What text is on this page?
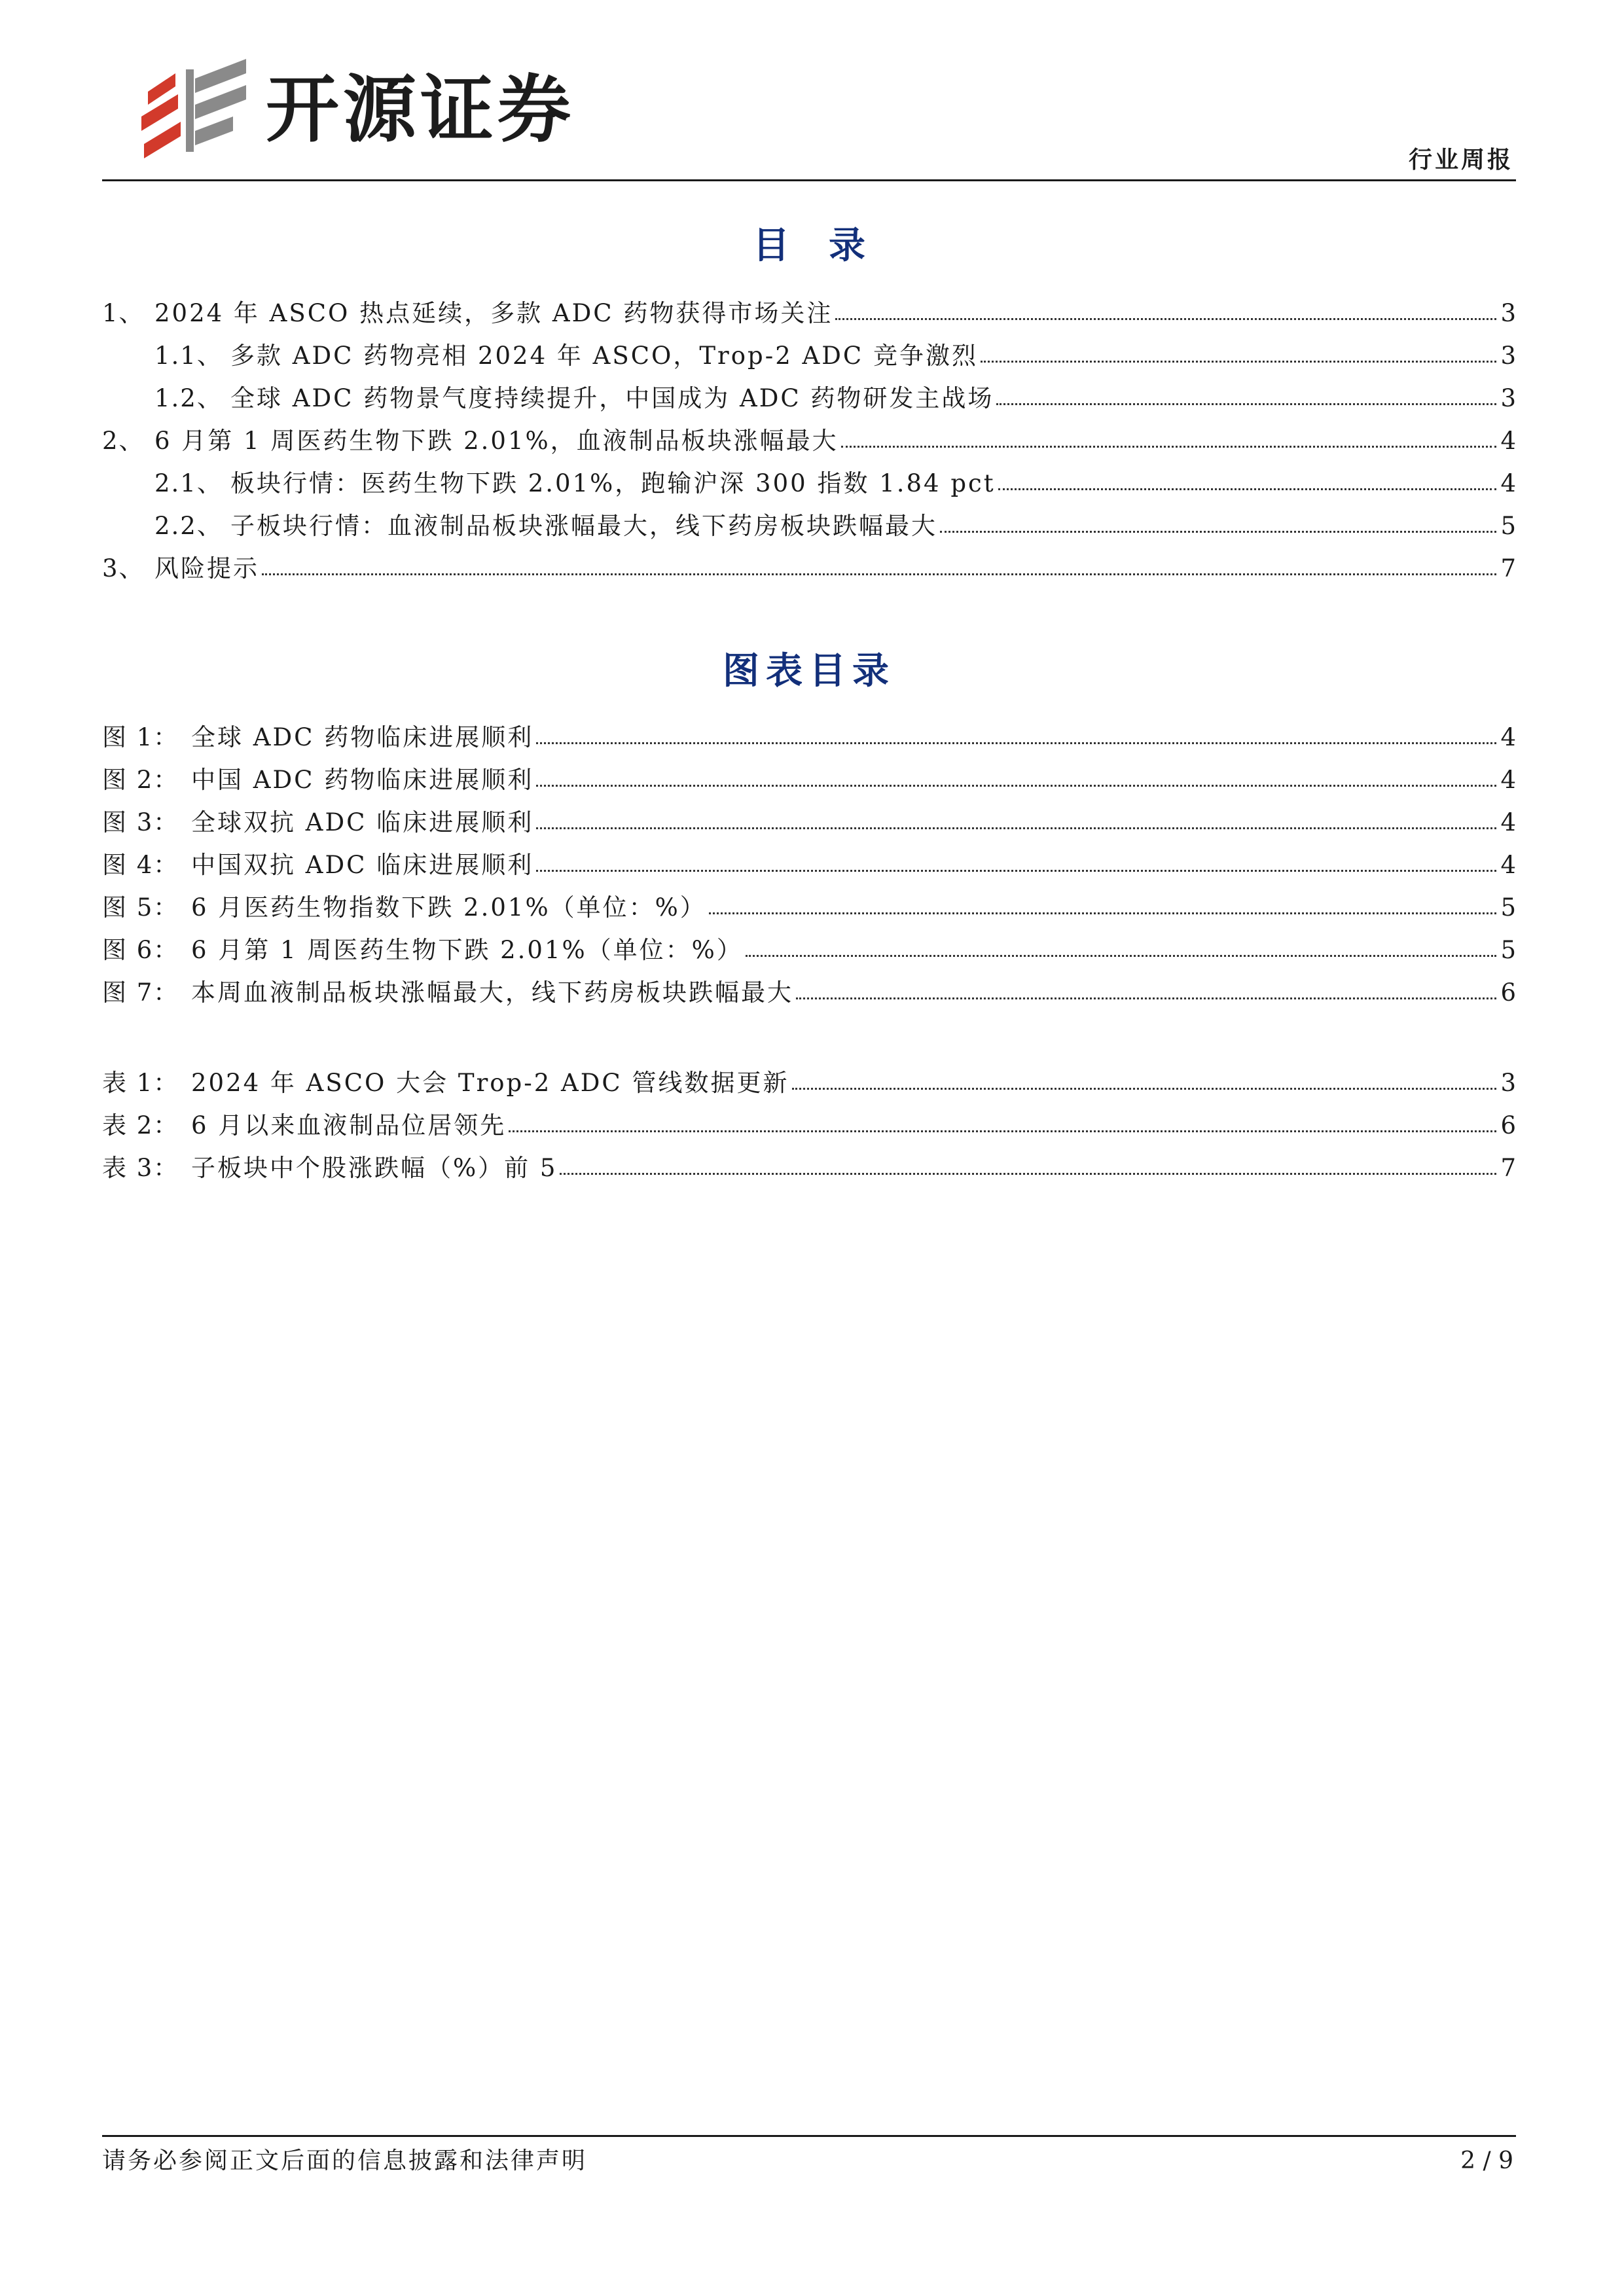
开源证券
行业周报
目录
1、 2024 年 ASCO 热点延续，多款 ADC 药物获得市场关注	3
1.1、 多款 ADC 药物亮相 2024 年 ASCO，Trop-2 ADC 竞争激烈	3
1.2、 全球 ADC 药物景气度持续提升，中国成为 ADC 药物研发主战场	3
2、 6 月第 1 周医药生物下跌 2.01%，血液制品板块涨幅最大	4
2.1、 板块行情：医药生物下跌 2.01%，跑输沪深 300 指数 1.84 pct	4
2.2、 子板块行情：血液制品板块涨幅最大，线下药房板块跌幅最大	5
3、 风险提示	7
图表目录
图 1： 全球 ADC 药物临床进展顺利	4
图 2： 中国 ADC 药物临床进展顺利	4
图 3： 全球双抗 ADC 临床进展顺利	4
图 4： 中国双抗 ADC 临床进展顺利	4
图 5： 6 月医药生物指数下跌 2.01%（单位：%）	5
图 6： 6 月第 1 周医药生物下跌 2.01%（单位：%）	5
图 7： 本周血液制品板块涨幅最大，线下药房板块跌幅最大	6
表 1： 2024 年 ASCO 大会 Trop-2 ADC 管线数据更新	3
表 2： 6 月以来血液制品位居领先	6
表 3： 子板块中个股涨跌幅（%）前 5	7
请务必参阅正文后面的信息披露和法律声明	2 / 9
